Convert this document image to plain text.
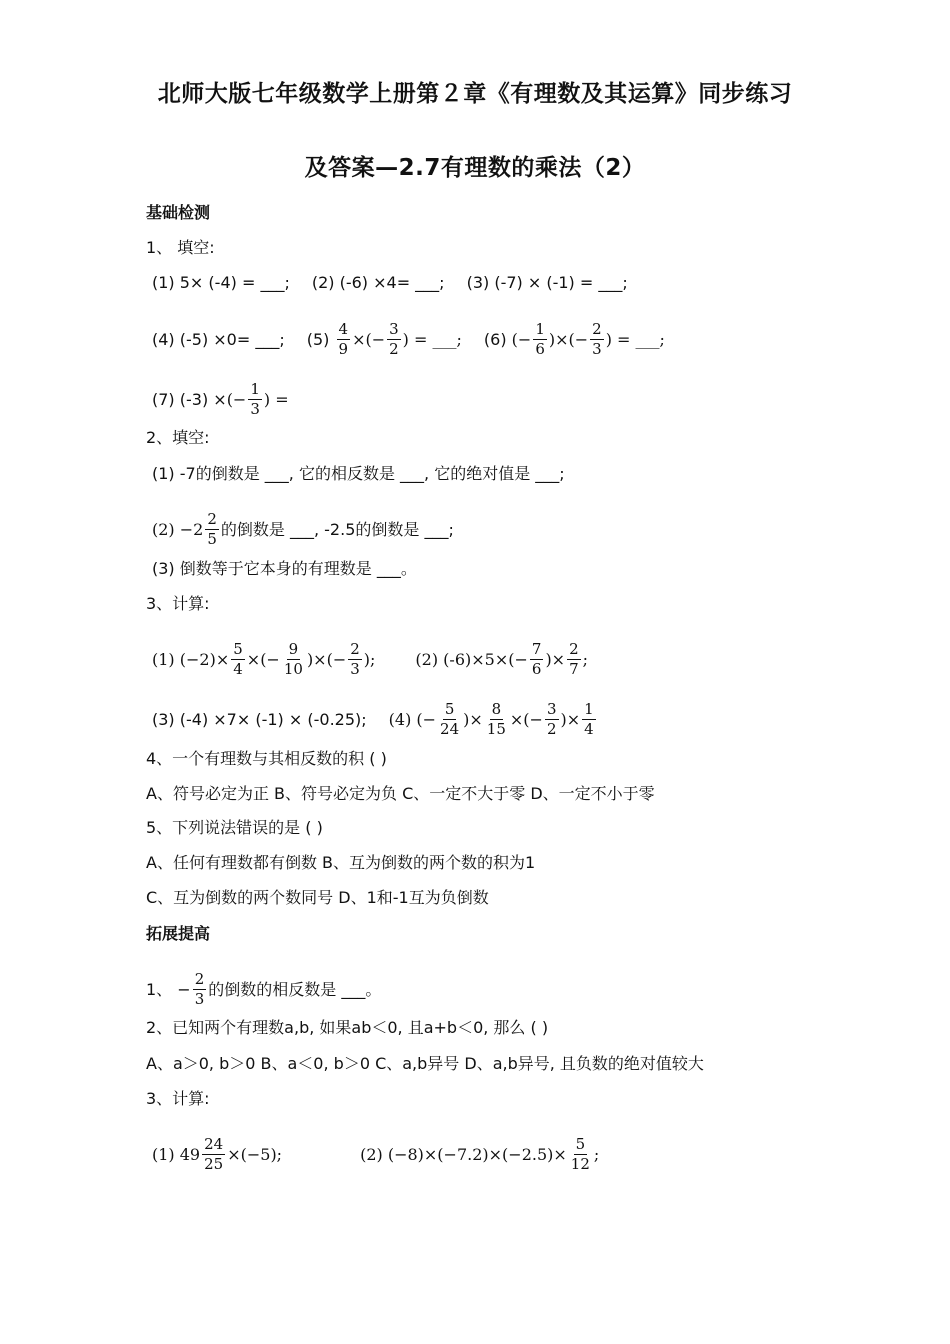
北师大版七年级数学上册第２章《有理数及其运算》同步练习
及答案—2.7有理数的乘法（2）
基础检测
1、 填空:
(1) 5× (-4) = ___; (2) (-6) ×4= ___; (3) (-7) × (-1) = ___;
(4) (-5) ×0= ___; (5)
$\frac{4}{9}$ ×(− $\frac{3}{2}$ ) = ___; (6)
(− $\frac{1}{6}$ )×(− $\frac{2}{3}$ ) = ___;
(7) (-3) × (− $\frac{1}{3}$ ) =
2、填空:
(1) -7的倒数是 ___, 它的相反数是 ___, 它的绝对值是 ___;
$(2) -2 \frac{2}{5}$ 的倒数是 ___, -2.5的倒数是 ___;
(3) 倒数等于它本身的有理数是 ___。
3、计算:
(1) $(-2)\times \frac{5}{4}$ ×(− $\frac{9}{10}$ )×(− $\frac{2}{3}$ );	(2) $(-6)\times 5\times(- \frac{7}{6}$ )× $\frac{2}{7}$ ;
(3) (-4) ×7× (-1) × (-0.25); (4) (− $\frac{5}{24}$ )× $\frac{8}{15}$ ×(− $\frac{3}{2}$ )× $\frac{1}{4}$
4、一个有理数与其相反数的积 ( )
A、符号必定为正 B、符号必定为负 C、一定不大于零 D、一定不小于零
5、下列说法错误的是 ( )
A、任何有理数都有倒数 B、互为倒数的两个数的积为1
C、互为倒数的两个数同号 D、1和-1互为负倒数
拓展提高
1、 − $\frac{2}{3}$ 的倒数的相反数是 ___。
2、已知两个有理数a,b, 如果ab＜0, 且a+b＜0, 那么 ( )
A、a＞0, b＞0 B、a＜0, b＞0 C、a,b异号 D、a,b异号, 且负数的绝对值较大
3、计算:
(1) $49 \frac{24}{25} \times(-5)$;	(2) $(-8)\times(-7.2)\times(-2.5)\times \frac{5}{12}$ ;
